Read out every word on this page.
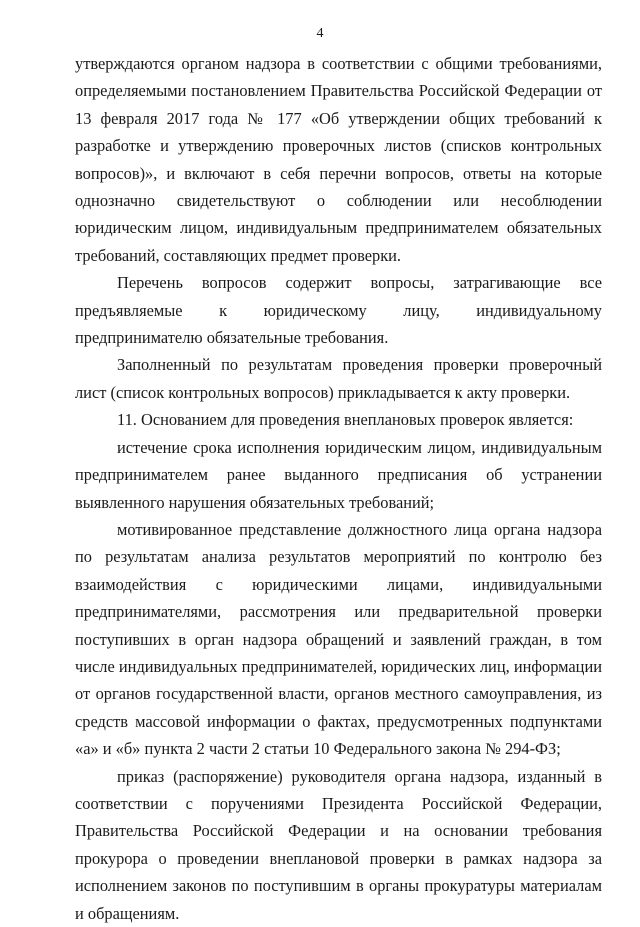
4

утверждаются органом надзора в соответствии с общими требованиями, определяемыми постановлением Правительства Российской Федерации от 13 февраля 2017 года № 177 «Об утверждении общих требований к разработке и утверждению проверочных листов (списков контрольных вопросов)», и включают в себя перечни вопросов, ответы на которые однозначно свидетельствуют о соблюдении или несоблюдении юридическим лицом, индивидуальным предпринимателем обязательных требований, составляющих предмет проверки.

Перечень вопросов содержит вопросы, затрагивающие все предъявляемые к юридическому лицу, индивидуальному предпринимателю обязательные требования.

Заполненный по результатам проведения проверки проверочный лист (список контрольных вопросов) прикладывается к акту проверки.

11. Основанием для проведения внеплановых проверок является:

истечение срока исполнения юридическим лицом, индивидуальным предпринимателем ранее выданного предписания об устранении выявленного нарушения обязательных требований;

мотивированное представление должностного лица органа надзора по результатам анализа результатов мероприятий по контролю без взаимодействия с юридическими лицами, индивидуальными предпринимателями, рассмотрения или предварительной проверки поступивших в орган надзора обращений и заявлений граждан, в том числе индивидуальных предпринимателей, юридических лиц, информации от органов государственной власти, органов местного самоуправления, из средств массовой информации о фактах, предусмотренных подпунктами «а» и «б» пункта 2 части 2 статьи 10 Федерального закона № 294-ФЗ;

приказ (распоряжение) руководителя органа надзора, изданный в соответствии с поручениями Президента Российской Федерации, Правительства Российской Федерации и на основании требования прокурора о проведении внеплановой проверки в рамках надзора за исполнением законов по поступившим в органы прокуратуры материалам и обращениям.
